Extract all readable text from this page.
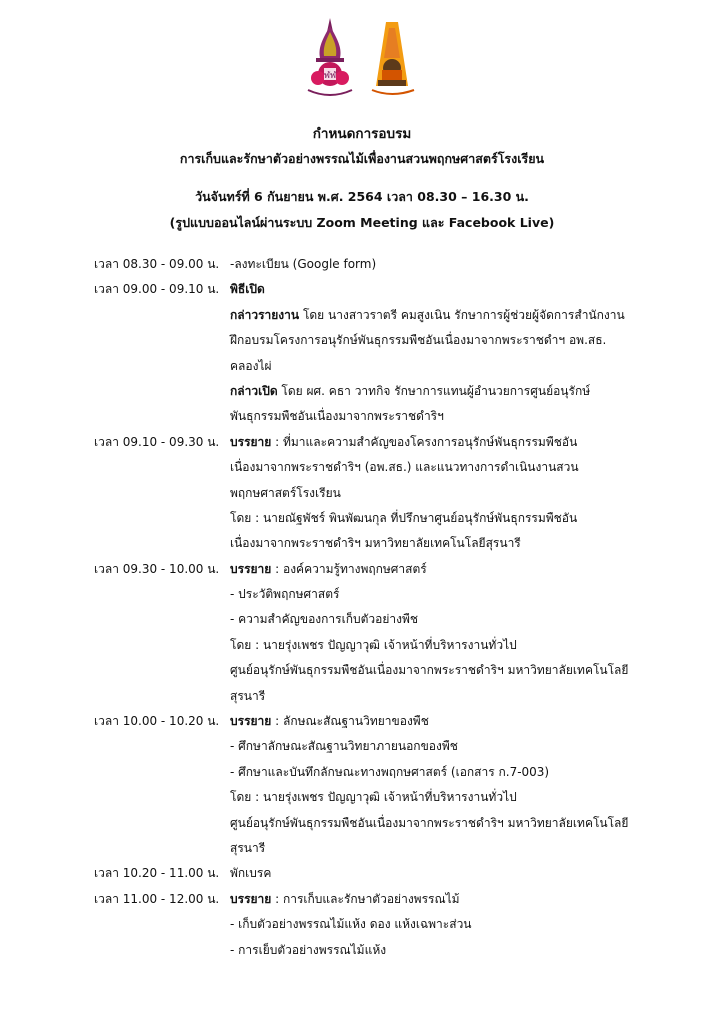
ฬฬ
กำหนดการอบรม
การเก็บและรักษาตัวอย่างพรรณไม้เพื่องานสวนพฤกษศาสตร์โรงเรียน
วันจันทร์ที่ 6 กันยายน พ.ศ. 2564 เวลา 08.30 – 16.30 น.
(รูปแบบออนไลน์ผ่านระบบ Zoom Meeting และ Facebook Live)
เวลา 08.30 - 09.00 น. -ลงทะเบียน (Google form)
เวลา 09.00 - 09.10 น. พิธีเปิด
กล่าวรายงาน โดย นางสาวราตรี คมสูงเนิน รักษาการผู้ช่วยผู้จัดการสำนักงาน
ฝึกอบรมโครงการอนุรักษ์พันธุกรรมพืชอันเนื่องมาจากพระราชดำฯ อพ.สธ.
คลองไผ่
กล่าวเปิด โดย ผศ. คธา วาทกิจ รักษาการแทนผู้อำนวยการศูนย์อนุรักษ์
พันธุกรรมพืชอันเนื่องมาจากพระราชดำริฯ
เวลา 09.10 - 09.30 น. บรรยาย : ที่มาและความสำคัญของโครงการอนุรักษ์พันธุกรรมพืชอัน
เนื่องมาจากพระราชดำริฯ (อพ.สธ.) และแนวทางการดำเนินงานสวน
พฤกษศาสตร์โรงเรียน
โดย : นายณัฐพัชร์ พินพัฒนกุล ที่ปรึกษาศูนย์อนุรักษ์พันธุกรรมพืชอัน
เนื่องมาจากพระราชดำริฯ มหาวิทยาลัยเทคโนโลยีสุรนารี
เวลา 09.30 - 10.00 น. บรรยาย : องค์ความรู้ทางพฤกษศาสตร์
- ประวัติพฤกษศาสตร์
- ความสำคัญของการเก็บตัวอย่างพืช
โดย : นายรุ่งเพชร ปัญญาวุฒิ เจ้าหน้าที่บริหารงานทั่วไป
ศูนย์อนุรักษ์พันธุกรรมพืชอันเนื่องมาจากพระราชดำริฯ มหาวิทยาลัยเทคโนโลยี
สุรนารี
เวลา 10.00 - 10.20 น. บรรยาย : ลักษณะสัณฐานวิทยาของพืช
- ศึกษาลักษณะสัณฐานวิทยาภายนอกของพืช
- ศึกษาและบันทึกลักษณะทางพฤกษศาสตร์ (เอกสาร ก.7-003)
โดย : นายรุ่งเพชร ปัญญาวุฒิ เจ้าหน้าที่บริหารงานทั่วไป
ศูนย์อนุรักษ์พันธุกรรมพืชอันเนื่องมาจากพระราชดำริฯ มหาวิทยาลัยเทคโนโลยี
สุรนารี
เวลา 10.20 - 11.00 น. พักเบรค
เวลา 11.00 - 12.00 น. บรรยาย : การเก็บและรักษาตัวอย่างพรรณไม้
- เก็บตัวอย่างพรรณไม้แห้ง ดอง แห้งเฉพาะส่วน
- การเย็บตัวอย่างพรรณไม้แห้ง
